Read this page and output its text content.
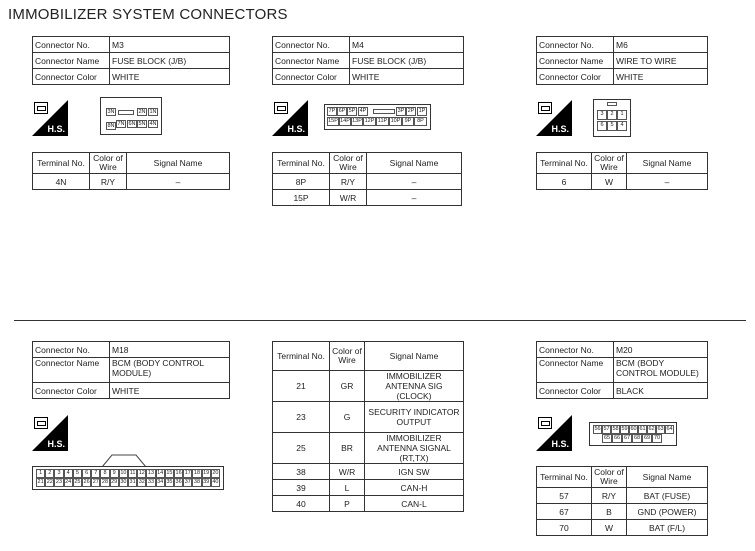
IMMOBILIZER SYSTEM CONNECTORS
Connector No.	M3
Connector Name	FUSE BLOCK (J/B)
Connector Color	WHITE
H.S.
3N	2N 1N
8N 7N 6N 5N 4N
Terminal No.	Color of Wire	Signal Name
4N	R/Y	–
Connector No.	M4
Connector Name	FUSE BLOCK (J/B)
Connector Color	WHITE
H.S.
7P 6P 5P 4P	3P 2P 1P
15P 14P 13P 12P 11P 10P 9P	8P
Terminal No.	Color of Wire	Signal Name
8P	R/Y	–
15P	W/R	–
Connector No.	M6
Connector Name	WIRE TO WIRE
Connector Color	WHITE
H.S.
3	2	1
6	5	4
Terminal No.	Color of Wire	Signal Name
6	W	–
Connector No.	M18
Connector Name	BCM (BODY CONTROL MODULE)
Connector Color	WHITE
H.S.
1	2	3	4	5	6	7	8	9 10 11 12 13 14 15 16 17 18 19 20
21 22 23 24 25 26 27 28 29 30 31 32 33 34 35 36 37 38 39 40
Terminal No.	Color of Wire	Signal Name
21	GR	IMMOBILIZER ANTENNA SIG (CLOCK)
23	G	SECURITY INDICATOR OUTPUT
25	BR	IMMOBILIZER ANTENNA SIGNAL (RT,TX)
38	W/R	IGN SW
39	L	CAN-H
40	P	CAN-L
Connector No.	M20
Connector Name	BCM (BODY CONTROL MODULE)
Connector Color	BLACK
H.S.
56 57 58 59 60 61 62 63 64
65 66 67 68 69 70
Terminal No.	Color of Wire	Signal Name
57	R/Y	BAT (FUSE)
67	B	GND (POWER)
70	W	BAT (F/L)
